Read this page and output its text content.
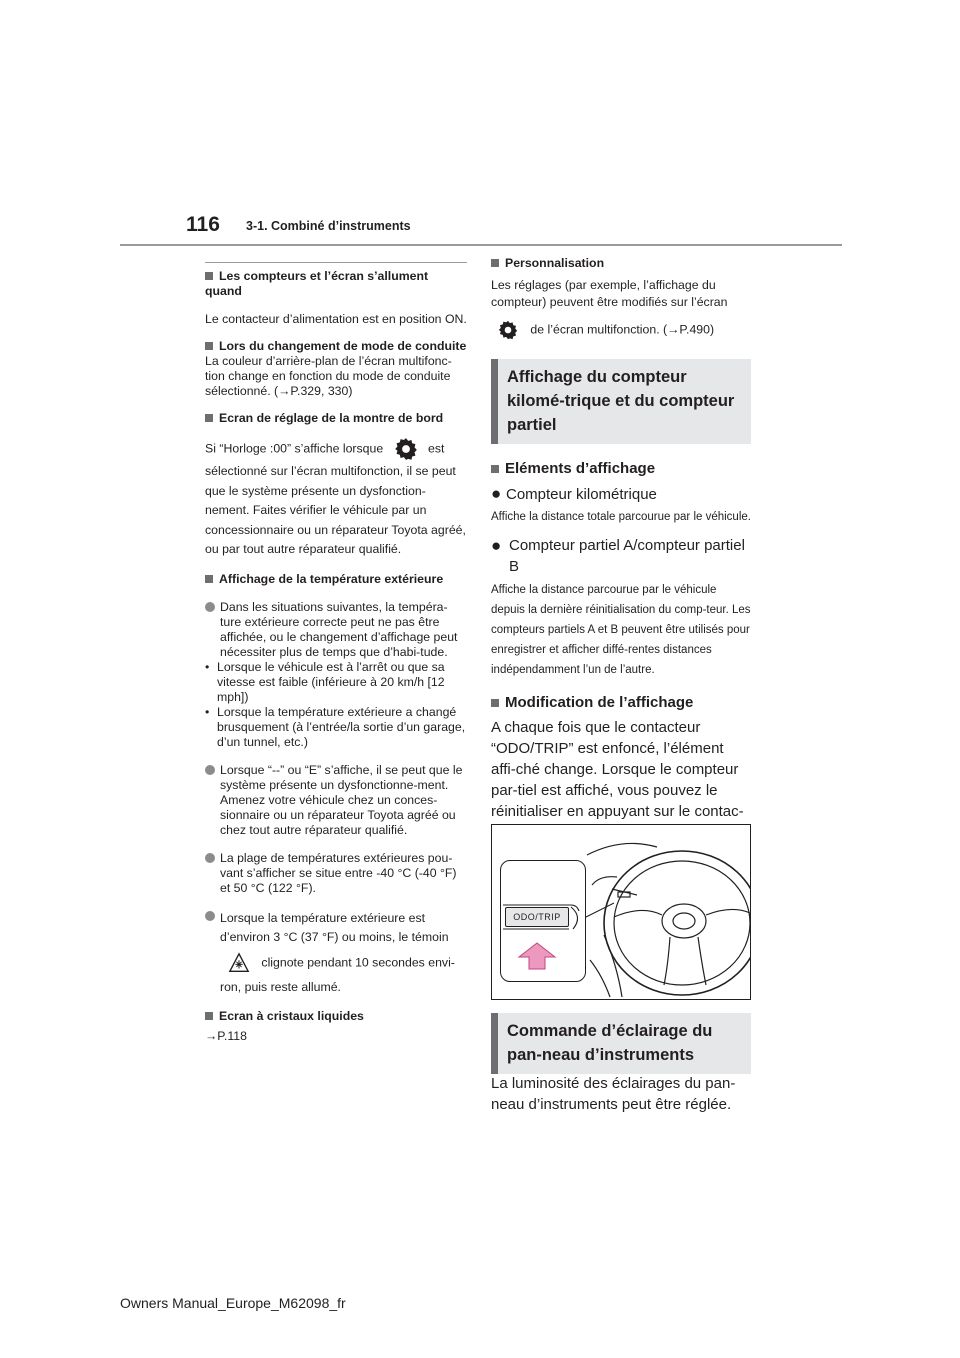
116 3-1. Combiné d’instruments

Les compteurs et l’écran s’allument quand

Le contacteur d’alimentation est en position ON.

Lors du changement de mode de conduite

La couleur d’arrière-plan de l’écran multifonc-tion change en fonction du mode de conduite sélectionné. (→P.329, 330)

Ecran de réglage de la montre de bord

Si “Horloge :00” s’affiche lorsque	est

sélectionné sur l’écran multifonction, il se peut que le système présente un dysfonction-nement. Faites vérifier le véhicule par un concessionnaire ou un réparateur Toyota agréé, ou par tout autre réparateur qualifié.

Affichage de la température extérieure

Dans les situations suivantes, la tempéra-ture extérieure correcte peut ne pas être affichée, ou le changement d’affichage peut nécessiter plus de temps que d’habi-tude.

• Lorsque le véhicule est à l’arrêt ou que sa vitesse est faible (inférieure à 20 km/h [12 mph])

• Lorsque la température extérieure a changé brusquement (à l’entrée/la sortie d’un garage, d’un tunnel, etc.)

Lorsque “--” ou “E” s’affiche, il se peut que le système présente un dysfonctionne-ment.

Amenez votre véhicule chez un conces-sionnaire ou un réparateur Toyota agréé ou chez tout autre réparateur qualifié.

La plage de températures extérieures pou-vant s’afficher se situe entre -40 °C (-40 °F) et 50 °C (122 °F).

Lorsque la température extérieure est d’environ 3 °C (37 °F) ou moins, le témoin

clignote pendant 10 secondes envi-

ron, puis reste allumé.

Ecran à cristaux liquides

→P.118

Personnalisation

Les réglages (par exemple, l’affichage du compteur) peuvent être modifiés sur l’écran

de l’écran multifonction. (→P.490)

Affichage du compteur kilomé-trique et du compteur partiel

Eléments d’affichage

● Compteur kilométrique

Affiche la distance totale parcourue par le véhicule.

● Compteur partiel A/compteur partiel B

Affiche la distance parcourue par le véhicule depuis la dernière réinitialisation du comp-teur. Les compteurs partiels A et B peuvent être utilisés pour enregistrer et afficher diffé-rentes distances indépendamment l’un de l’autre.

Modification de l’affichage

A chaque fois que le contacteur “ODO/TRIP” est enfoncé, l’élément affi-ché change. Lorsque le compteur par-tiel est affiché, vous pouvez le réinitialiser en appuyant sur le contac-

ODO/TRIP
Commande d’éclairage du pan-neau d’instruments

La luminosité des éclairages du pan-neau d’instruments peut être réglée.

Owners Manual_Europe_M62098_fr
